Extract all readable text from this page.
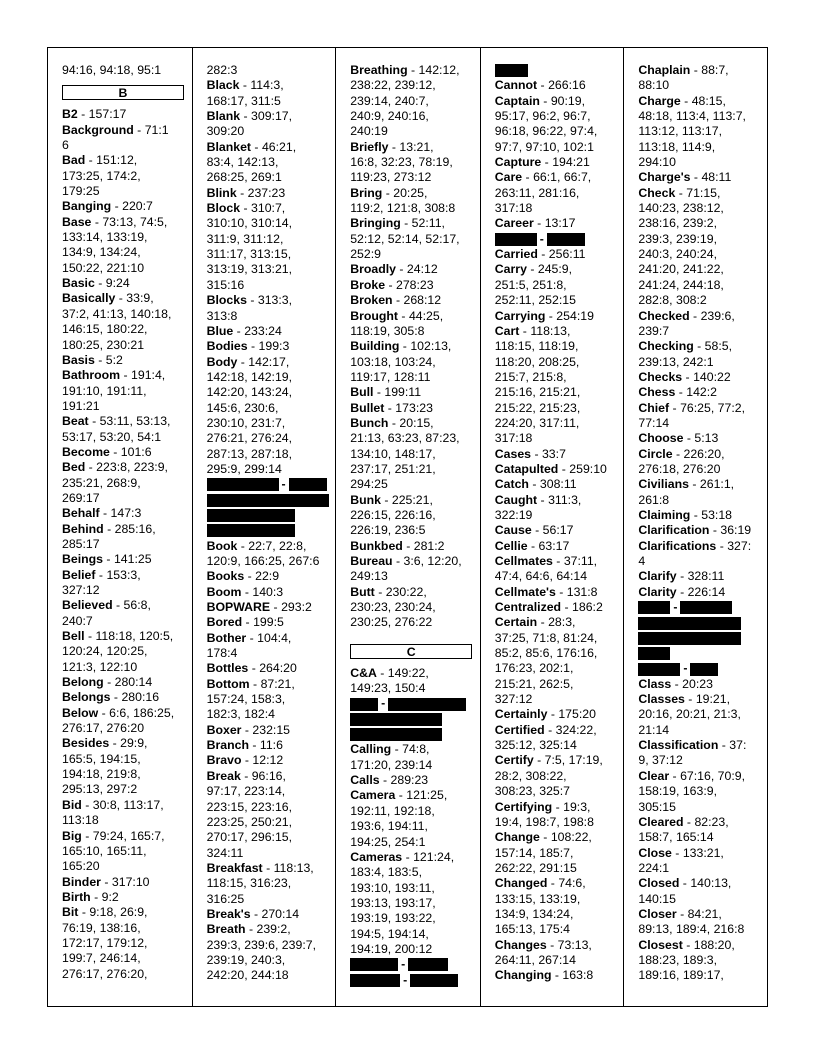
94:16, 94:18, 95:1
B
B2 - 157:17
Background - 71:1
6
Bad - 151:12,
173:25, 174:2,
179:25
Banging - 220:7
Base - 73:13, 74:5,
133:14, 133:19,
134:9, 134:24,
150:22, 221:10
Basic - 9:24
Basically - 33:9,
37:2, 41:13, 140:18,
146:15, 180:22,
180:25, 230:21
Basis - 5:2
Bathroom - 191:4,
191:10, 191:11,
191:21
Beat - 53:11, 53:13,
53:17, 53:20, 54:1
Become - 101:6
Bed - 223:8, 223:9,
235:21, 268:9,
269:17
Behalf - 147:3
Behind - 285:16,
285:17
Beings - 141:25
Belief - 153:3,
327:12
Believed - 56:8,
240:7
Bell - 118:18, 120:5,
120:24, 120:25,
121:3, 122:10
Belong - 280:14
Belongs - 280:16
Below - 6:6, 186:25,
276:17, 276:20
Besides - 29:9,
165:5, 194:15,
194:18, 219:8,
295:13, 297:2
Bid - 30:8, 113:17,
113:18
Big - 79:24, 165:7,
165:10, 165:11,
165:20
Binder - 317:10
Birth - 9:2
Bit - 9:18, 26:9,
76:19, 138:16,
172:17, 179:12,
199:7, 246:14,
276:17, 276:20,
282:3
Black - 114:3,
168:17, 311:5
Blank - 309:17,
309:20
Blanket - 46:21,
83:4, 142:13,
268:25, 269:1
Blink - 237:23
Block - 310:7,
310:10, 310:14,
311:9, 311:12,
311:17, 313:15,
313:19, 313:21,
315:16
Blocks - 313:3,
313:8
Blue - 233:24
Bodies - 199:3
Body - 142:17,
142:18, 142:19,
142:20, 143:24,
145:6, 230:6,
230:10, 231:7,
276:21, 276:24,
287:13, 287:18,
295:9, 299:14
-
Book - 22:7, 22:8,
120:9, 166:25, 267:6
Books - 22:9
Boom - 140:3
BOPWARE - 293:2
Bored - 199:5
Bother - 104:4,
178:4
Bottles - 264:20
Bottom - 87:21,
157:24, 158:3,
182:3, 182:4
Boxer - 232:15
Branch - 11:6
Bravo - 12:12
Break - 96:16,
97:17, 223:14,
223:15, 223:16,
223:25, 250:21,
270:17, 296:15,
324:11
Breakfast - 118:13,
118:15, 316:23,
316:25
Break's - 270:14
Breath - 239:2,
239:3, 239:6, 239:7,
239:19, 240:3,
242:20, 244:18
Breathing - 142:12,
238:22, 239:12,
239:14, 240:7,
240:9, 240:16,
240:19
Briefly - 13:21,
16:8, 32:23, 78:19,
119:23, 273:12
Bring - 20:25,
119:2, 121:8, 308:8
Bringing - 52:11,
52:12, 52:14, 52:17,
252:9
Broadly - 24:12
Broke - 278:23
Broken - 268:12
Brought - 44:25,
118:19, 305:8
Building - 102:13,
103:18, 103:24,
119:17, 128:11
Bull - 199:11
Bullet - 173:23
Bunch - 20:15,
21:13, 63:23, 87:23,
134:10, 148:17,
237:17, 251:21,
294:25
Bunk - 225:21,
226:15, 226:16,
226:19, 236:5
Bunkbed - 281:2
Bureau - 3:6, 12:20,
249:13
Butt - 230:22,
230:23, 230:24,
230:25, 276:22
C
C&A - 149:22,
149:23, 150:4
-
Calling - 74:8,
171:20, 239:14
Calls - 289:23
Camera - 121:25,
192:11, 192:18,
193:6, 194:11,
194:25, 254:1
Cameras - 121:24,
183:4, 183:5,
193:10, 193:11,
193:13, 193:17,
193:19, 193:22,
194:5, 194:14,
194:19, 200:12
-
-
Cannot - 266:16
Captain - 90:19,
95:17, 96:2, 96:7,
96:18, 96:22, 97:4,
97:7, 97:10, 102:1
Capture - 194:21
Care - 66:1, 66:7,
263:11, 281:16,
317:18
Career - 13:17
-
Carried - 256:11
Carry - 245:9,
251:5, 251:8,
252:11, 252:15
Carrying - 254:19
Cart - 118:13,
118:15, 118:19,
118:20, 208:25,
215:7, 215:8,
215:16, 215:21,
215:22, 215:23,
224:20, 317:11,
317:18
Cases - 33:7
Catapulted - 259:10
Catch - 308:11
Caught - 311:3,
322:19
Cause - 56:17
Cellie - 63:17
Cellmates - 37:11,
47:4, 64:6, 64:14
Cellmate's - 131:8
Centralized - 186:2
Certain - 28:3,
37:25, 71:8, 81:24,
85:2, 85:6, 176:16,
176:23, 202:1,
215:21, 262:5,
327:12
Certainly - 175:20
Certified - 324:22,
325:12, 325:14
Certify - 7:5, 17:19,
28:2, 308:22,
308:23, 325:7
Certifying - 19:3,
19:4, 198:7, 198:8
Change - 108:22,
157:14, 185:7,
262:22, 291:15
Changed - 74:6,
133:15, 133:19,
134:9, 134:24,
165:13, 175:4
Changes - 73:13,
264:11, 267:14
Changing - 163:8
Chaplain - 88:7,
88:10
Charge - 48:15,
48:18, 113:4, 113:7,
113:12, 113:17,
113:18, 114:9,
294:10
Charge's - 48:11
Check - 71:15,
140:23, 238:12,
238:16, 239:2,
239:3, 239:19,
240:3, 240:24,
241:20, 241:22,
241:24, 244:18,
282:8, 308:2
Checked - 239:6,
239:7
Checking - 58:5,
239:13, 242:1
Checks - 140:22
Chess - 142:2
Chief - 76:25, 77:2,
77:14
Choose - 5:13
Circle - 226:20,
276:18, 276:20
Civilians - 261:1,
261:8
Claiming - 53:18
Clarification - 36:19
Clarifications - 327:
4
Clarify - 328:11
Clarity - 226:14
-
-
Class - 20:23
Classes - 19:21,
20:16, 20:21, 21:3,
21:14
Classification - 37:
9, 37:12
Clear - 67:16, 70:9,
158:19, 163:9,
305:15
Cleared - 82:23,
158:7, 165:14
Close - 133:21,
224:1
Closed - 140:13,
140:15
Closer - 84:21,
89:13, 189:4, 216:8
Closest - 188:20,
188:23, 189:3,
189:16, 189:17,
